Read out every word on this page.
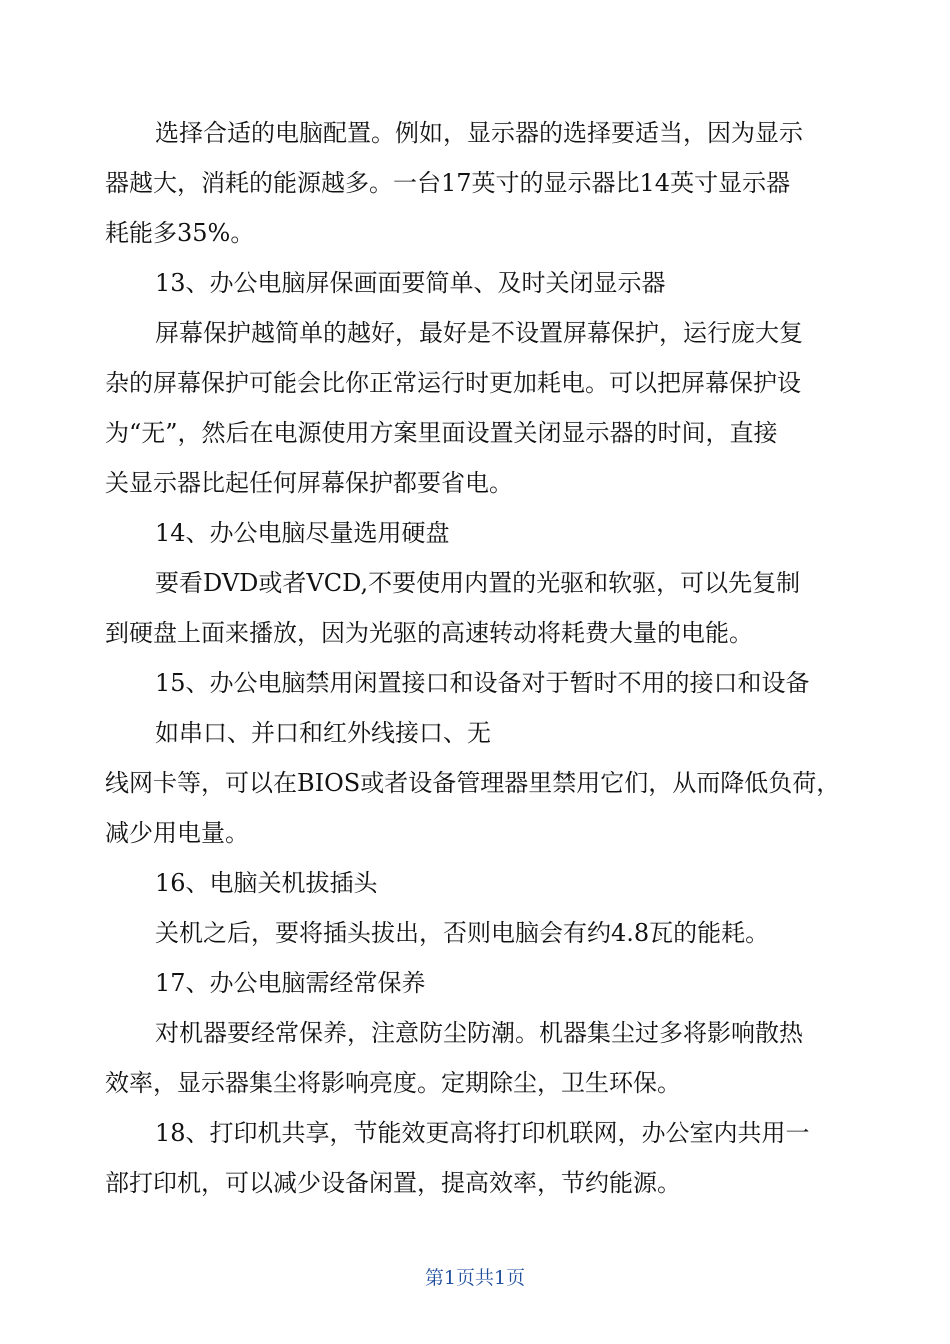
选择合适的电脑配置。例如，显示器的选择要适当，因为显示
器越大，消耗的能源越多。一台17英寸的显示器比14英寸显示器
耗能多35%。
13、办公电脑屏保画面要简单、及时关闭显示器
屏幕保护越简单的越好，最好是不设置屏幕保护，运行庞大复
杂的屏幕保护可能会比你正常运行时更加耗电。可以把屏幕保护设
为“无”，然后在电源使用方案里面设置关闭显示器的时间，直接
关显示器比起任何屏幕保护都要省电。
14、办公电脑尽量选用硬盘
要看DVD或者VCD,不要使用内置的光驱和软驱，可以先复制
到硬盘上面来播放，因为光驱的高速转动将耗费大量的电能。
15、办公电脑禁用闲置接口和设备对于暂时不用的接口和设备
如串口、并口和红外线接口、无
线网卡等，可以在BIOS或者设备管理器里禁用它们，从而降低负荷，
减少用电量。
16、电脑关机拔插头
关机之后，要将插头拔出，否则电脑会有约4.8瓦的能耗。
17、办公电脑需经常保养
对机器要经常保养，注意防尘防潮。机器集尘过多将影响散热
效率，显示器集尘将影响亮度。定期除尘，卫生环保。
18、打印机共享，节能效更高将打印机联网，办公室内共用一
部打印机，可以减少设备闲置，提高效率，节约能源。
第1页共1页
